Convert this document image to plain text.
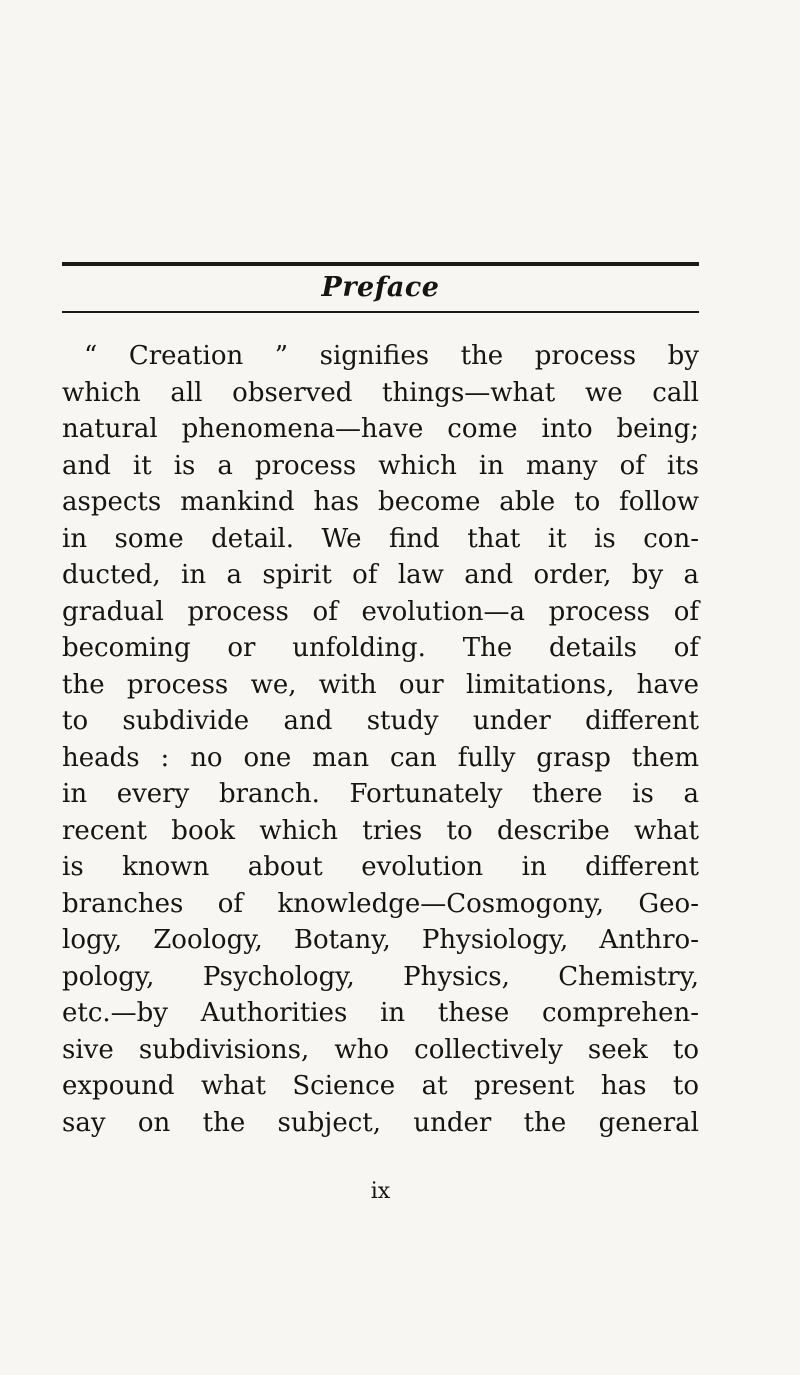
Preface
“ Creation ” signifies the process by
which all observed things—what we call
natural phenomena—have come into being;
and it is a process which in many of its
aspects mankind has become able to follow
in some detail. We find that it is con-
ducted, in a spirit of law and order, by a
gradual process of evolution—a process of
becoming or unfolding. The details of
the process we, with our limitations, have
to subdivide and study under different
heads : no one man can fully grasp them
in every branch. Fortunately there is a
recent book which tries to describe what
is known about evolution in different
branches of knowledge—Cosmogony, Geo-
logy, Zoology, Botany, Physiology, Anthro-
pology, Psychology, Physics, Chemistry,
etc.—by Authorities in these comprehen-
sive subdivisions, who collectively seek to
expound what Science at present has to
say on the subject, under the general
ix
